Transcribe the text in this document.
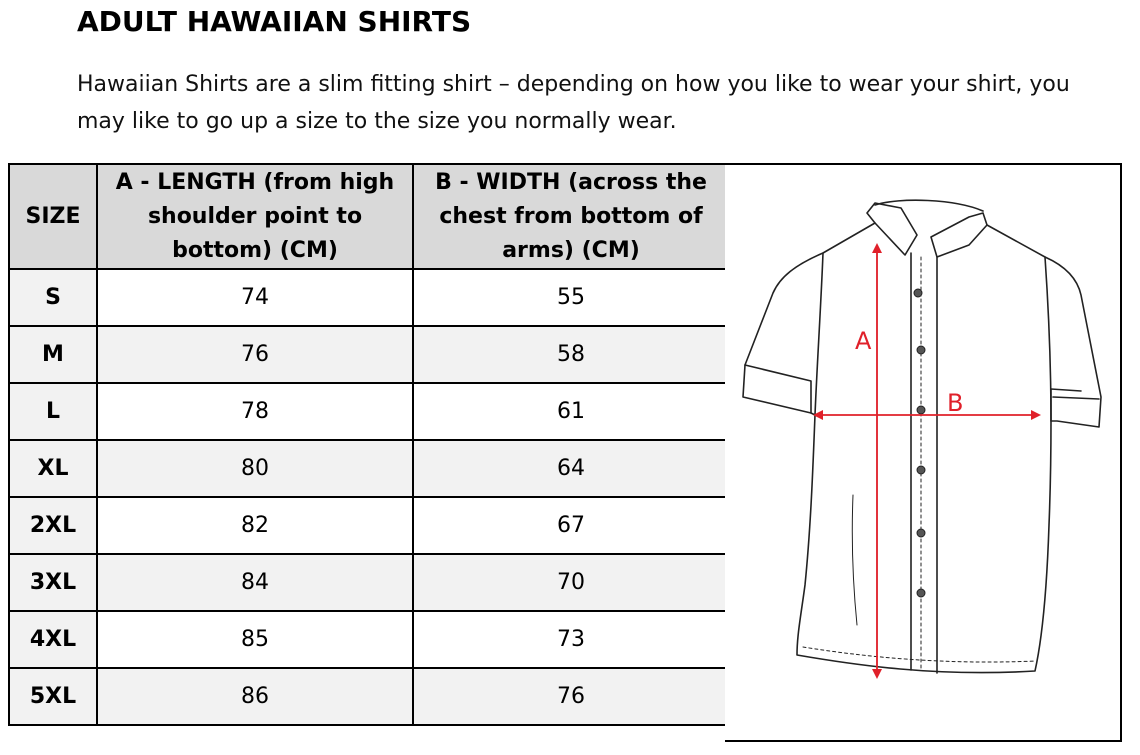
ADULT HAWAIIAN SHIRTS
Hawaiian Shirts are a slim fitting shirt – depending on how you like to wear your shirt, you may like to go up a size to the size you normally wear.
SIZE	A - LENGTH (from high shoulder point to bottom) (CM)	B - WIDTH (across the chest from bottom of arms) (CM)
S	74	55
M	76	58
L	78	61
XL	80	64
2XL	82	67
3XL	84	70
4XL	85	73
5XL	86	76
A
B
